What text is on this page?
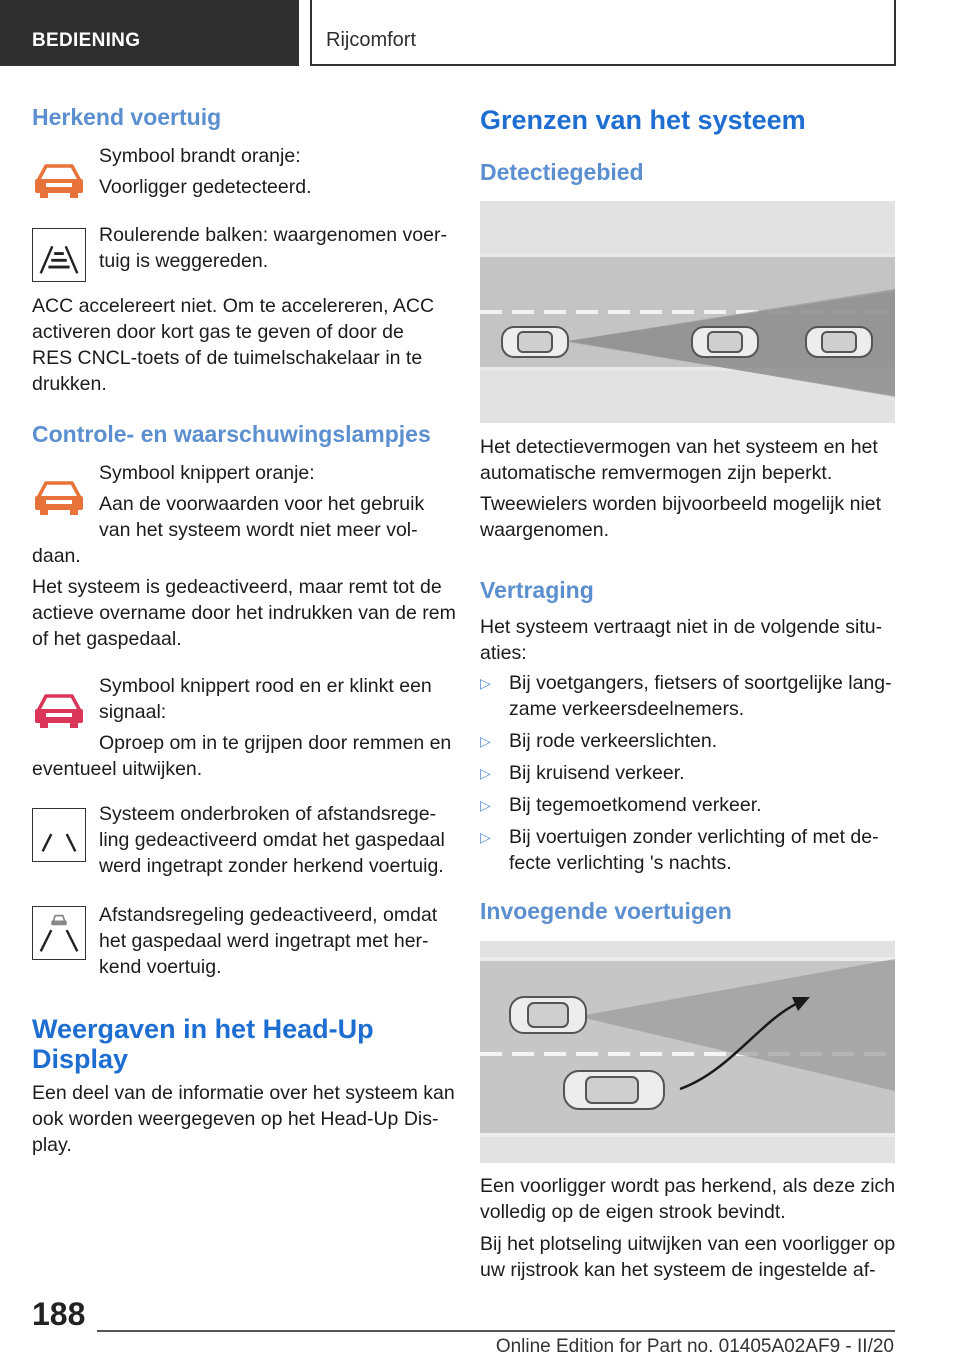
BEDIENING	Rijcomfort
Herkend voertuig
Symbool brandt oranje:
Voorligger gedetecteerd.
Roulerende balken: waargenomen voer-
tuig is weggereden.
ACC accelereert niet. Om te accelereren, ACC
activeren door kort gas te geven of door de
RES CNCL-toets of de tuimelschakelaar in te
drukken.
Controle- en waarschuwingslampjes
Symbool knippert oranje:
Aan de voorwaarden voor het gebruik
van het systeem wordt niet meer vol-
daan.
Het systeem is gedeactiveerd, maar remt tot de
actieve overname door het indrukken van de rem
of het gaspedaal.
Symbool knippert rood en er klinkt een
signaal:
Oproep om in te grijpen door remmen en
eventueel uitwijken.
Systeem onderbroken of afstandsrege-
ling gedeactiveerd omdat het gaspedaal
werd ingetrapt zonder herkend voertuig.
Afstandsregeling gedeactiveerd, omdat
het gaspedaal werd ingetrapt met her-
kend voertuig.
Weergaven in het Head-Up
Display
Een deel van de informatie over het systeem kan
ook worden weergegeven op het Head-Up Dis-
play.
Grenzen van het systeem
Detectiegebied
Het detectievermogen van het systeem en het
automatische remvermogen zijn beperkt.
Tweewielers worden bijvoorbeeld mogelijk niet
waargenomen.
Vertraging
Het systeem vertraagt niet in de volgende situ-
aties:
▷ Bij voetgangers, fietsers of soortgelijke lang-
zame verkeersdeelnemers.
▷ Bij rode verkeerslichten.
▷ Bij kruisend verkeer.
▷ Bij tegemoetkomend verkeer.
▷ Bij voertuigen zonder verlichting of met de-
fecte verlichting 's nachts.
Invoegende voertuigen
Een voorligger wordt pas herkend, als deze zich
volledig op de eigen strook bevindt.
Bij het plotseling uitwijken van een voorligger op
uw rijstrook kan het systeem de ingestelde af-
188
Online Edition for Part no. 01405A02AF9 - II/20
